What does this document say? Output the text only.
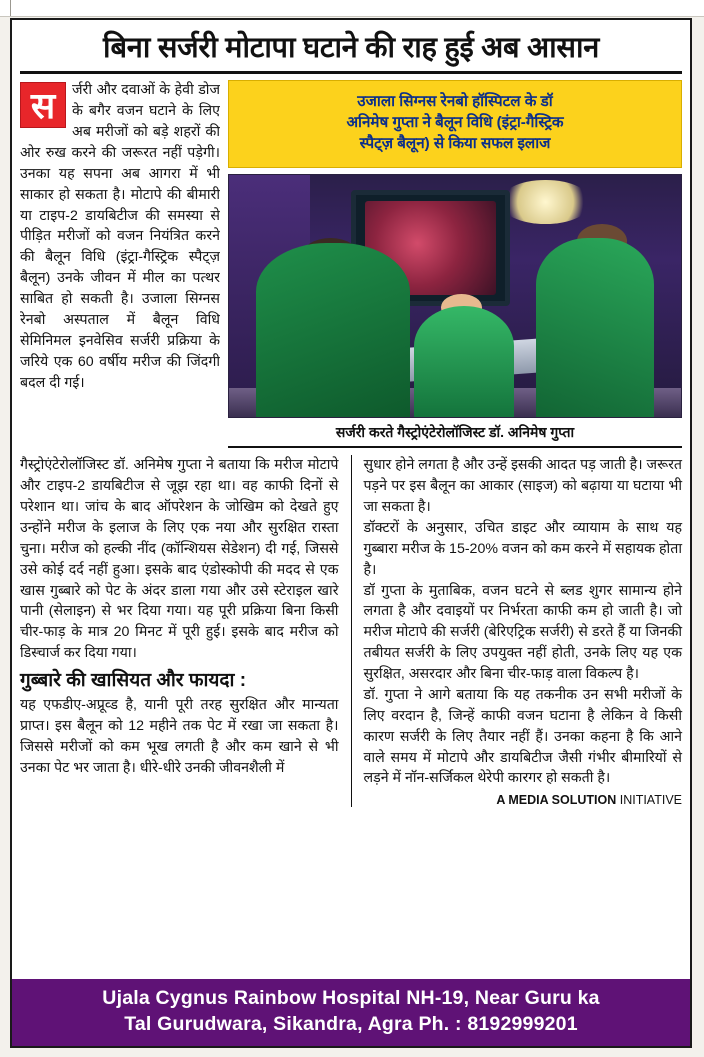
बिना सर्जरी मोटापा घटाने की राह हुई अब आसान
स	र्जरी और दवाओं के हेवी डोज के बगैर वजन घटाने के लिए अब मरीजों को बड़े शहरों की ओर रुख करने की जरूरत नहीं पड़ेगी। उनका यह सपना अब आगरा में भी साकार हो सकता है। मोटापे की बीमारी या टाइप-2 डायबिटीज की समस्या से पीड़ित मरीजों को वजन नियंत्रित करने की बैलून विधि (इंट्रा-गैस्ट्रिक स्पैट्ज़ बैलून) उनके जीवन में मील का पत्थर साबित हो सकती है। उजाला सिग्नस रेनबो अस्पताल में बैलून विधि सेमिनिमल इनवेसिव सर्जरी प्रक्रिया के जरिये एक 60 वर्षीय मरीज की जिंदगी बदल दी गई।
उजाला सिग्नस रेनबो हॉस्पिटल के डॉ
अनिमेष गुप्ता ने बैलून विधि (इंट्रा-गैस्ट्रिक
स्पैट्ज़ बैलून) से किया सफल इलाज
सर्जरी करते गैस्ट्रोएंटेरोलॉजिस्ट डॉ. अनिमेष गुप्ता
गैस्ट्रोएंटेरोलॉजिस्ट डॉ. अनिमेष गुप्ता ने बताया कि मरीज मोटापे और टाइप-2 डायबिटीज से जूझ रहा था। वह काफी दिनों से परेशान था। जांच के बाद ऑपरेशन के जोखिम को देखते हुए उन्होंने मरीज के इलाज के लिए एक नया और सुरक्षित रास्ता चुना। मरीज को हल्की नींद (कॉन्शियस सेडेशन) दी गई, जिससे उसे कोई दर्द नहीं हुआ। इसके बाद एंडोस्कोपी की मदद से एक खास गुब्बारे को पेट के अंदर डाला गया और उसे स्टेराइल खारे पानी (सेलाइन) से भर दिया गया। यह पूरी प्रक्रिया बिना किसी चीर-फाड़ के मात्र 20 मिनट में पूरी हुई। इसके बाद मरीज को डिस्चार्ज कर दिया गया।
गुब्बारे की खासियत और फायदा :
यह एफडीए-अप्रूव्ड है, यानी पूरी तरह सुरक्षित और मान्यता प्राप्त। इस बैलून को 12 महीने तक पेट में रखा जा सकता है। जिससे मरीजों को कम भूख लगती है और कम खाने से भी उनका पेट भर जाता है। धीरे-धीरे उनकी जीवनशैली में
सुधार होने लगता है और उन्हें इसकी आदत पड़ जाती है। जरूरत पड़ने पर इस बैलून का आकार (साइज) को बढ़ाया या घटाया भी जा सकता है।
डॉक्टरों के अनुसार, उचित डाइट और व्यायाम के साथ यह गुब्बारा मरीज के 15-20% वजन को कम करने में सहायक होता है।
डॉ गुप्ता के मुताबिक, वजन घटने से ब्लड शुगर सामान्य होने लगता है और दवाइयों पर निर्भरता काफी कम हो जाती है। जो मरीज मोटापे की सर्जरी (बेरिएट्रिक सर्जरी) से डरते हैं या जिनकी तबीयत सर्जरी के लिए उपयुक्त नहीं होती, उनके लिए यह एक सुरक्षित, असरदार और बिना चीर-फाड़ वाला विकल्प है।
डॉ. गुप्ता ने आगे बताया कि यह तकनीक उन सभी मरीजों के लिए वरदान है, जिन्हें काफी वजन घटाना है लेकिन वे किसी कारण सर्जरी के लिए तैयार नहीं हैं। उनका कहना है कि आने वाले समय में मोटापे और डायबिटीज जैसी गंभीर बीमारियों से लड़ने में नॉन-सर्जिकल थेरेपी कारगर हो सकती है।
A MEDIA SOLUTION INITIATIVE
Ujala Cygnus Rainbow Hospital NH-19, Near Guru ka
Tal Gurudwara, Sikandra, Agra Ph. : 8192999201
